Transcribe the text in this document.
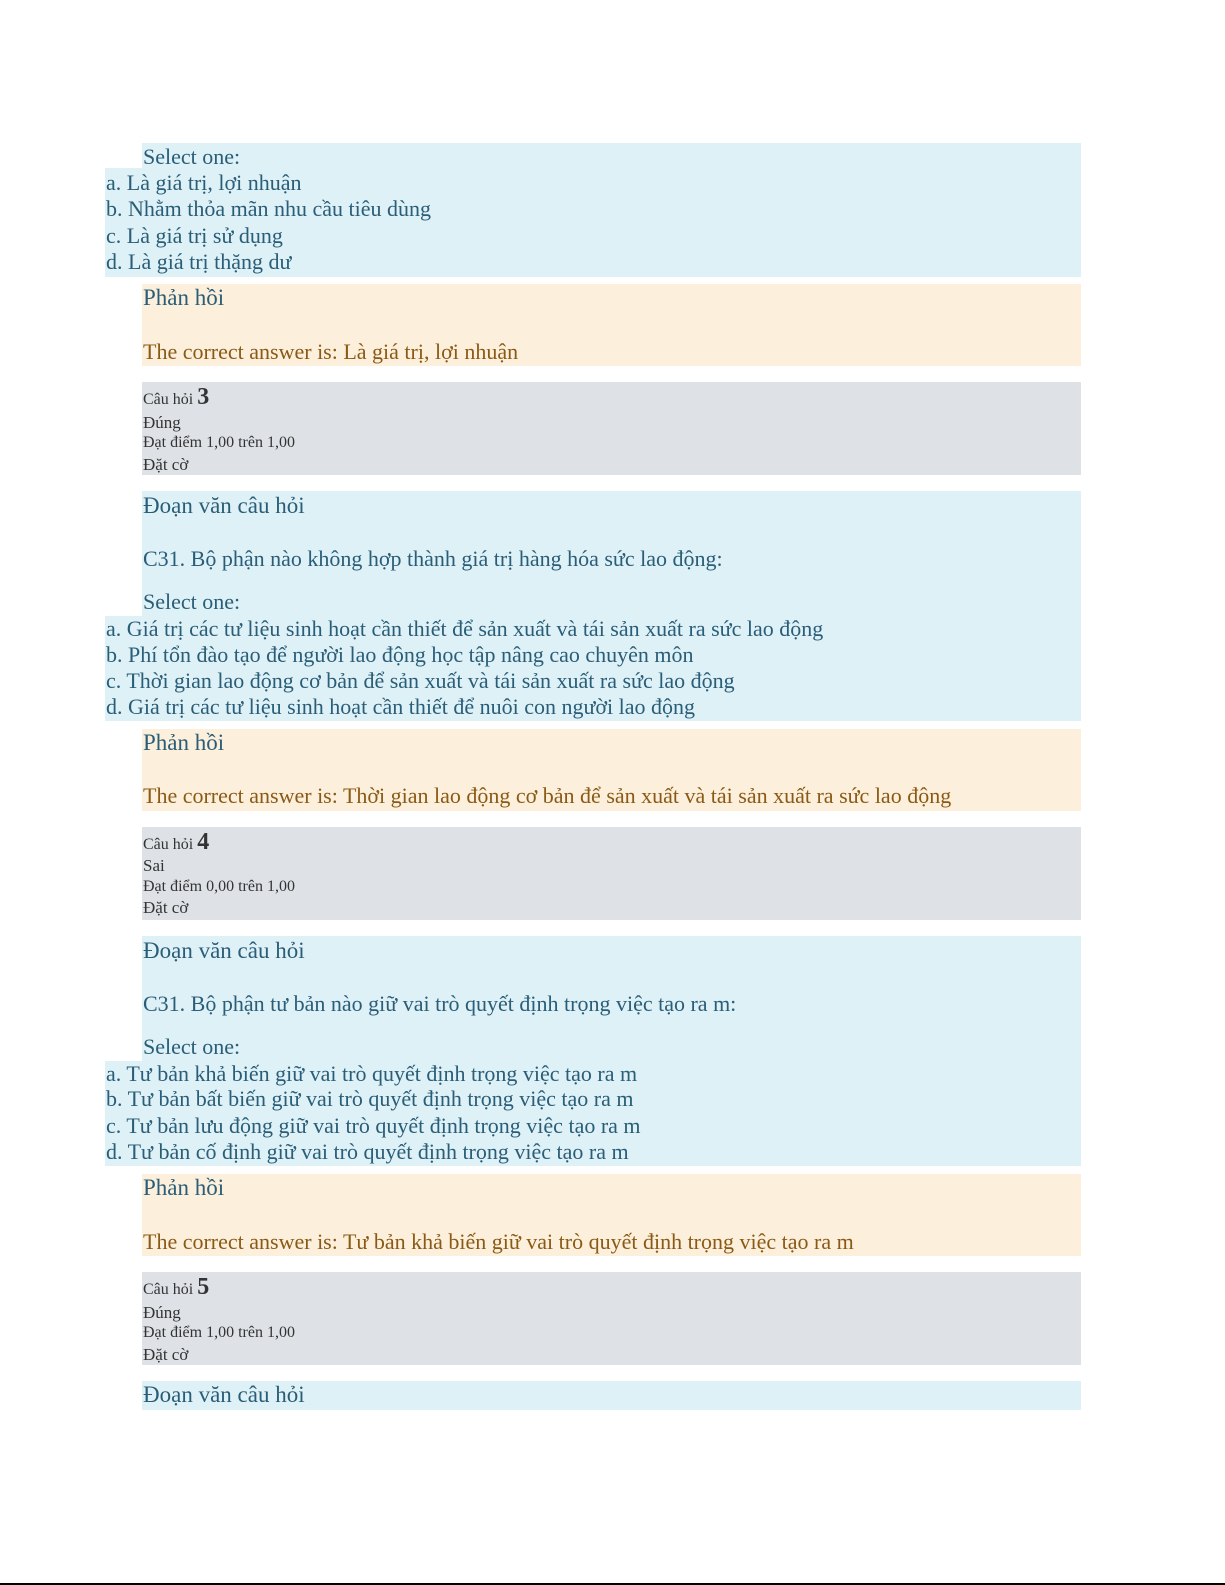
Select one:
a. Là giá trị, lợi nhuận
b. Nhằm thỏa mãn nhu cầu tiêu dùng
c. Là giá trị sử dụng
d. Là giá trị thặng dư
Phản hồi
The correct answer is: Là giá trị, lợi nhuận
Câu hỏi 3
Đúng
Đạt điểm 1,00 trên 1,00
Đặt cờ
Đoạn văn câu hỏi
C31. Bộ phận nào không hợp thành giá trị hàng hóa sức lao động:
Select one:
a. Giá trị các tư liệu sinh hoạt cần thiết để sản xuất và tái sản xuất ra sức lao động
b. Phí tổn đào tạo để người lao động học tập nâng cao chuyên môn
c. Thời gian lao động cơ bản để sản xuất và tái sản xuất ra sức lao động
d. Giá trị các tư liệu sinh hoạt cần thiết để nuôi con người lao động
Phản hồi
The correct answer is: Thời gian lao động cơ bản để sản xuất và tái sản xuất ra sức lao động
Câu hỏi 4
Sai
Đạt điểm 0,00 trên 1,00
Đặt cờ
Đoạn văn câu hỏi
C31. Bộ phận tư bản nào giữ vai trò quyết định trọng việc tạo ra m:
Select one:
a. Tư bản khả biến giữ vai trò quyết định trọng việc tạo ra m
b. Tư bản bất biến giữ vai trò quyết định trọng việc tạo ra m
c. Tư bản lưu động giữ vai trò quyết định trọng việc tạo ra m
d. Tư bản cố định giữ vai trò quyết định trọng việc tạo ra m
Phản hồi
The correct answer is: Tư bản khả biến giữ vai trò quyết định trọng việc tạo ra m
Câu hỏi 5
Đúng
Đạt điểm 1,00 trên 1,00
Đặt cờ
Đoạn văn câu hỏi
